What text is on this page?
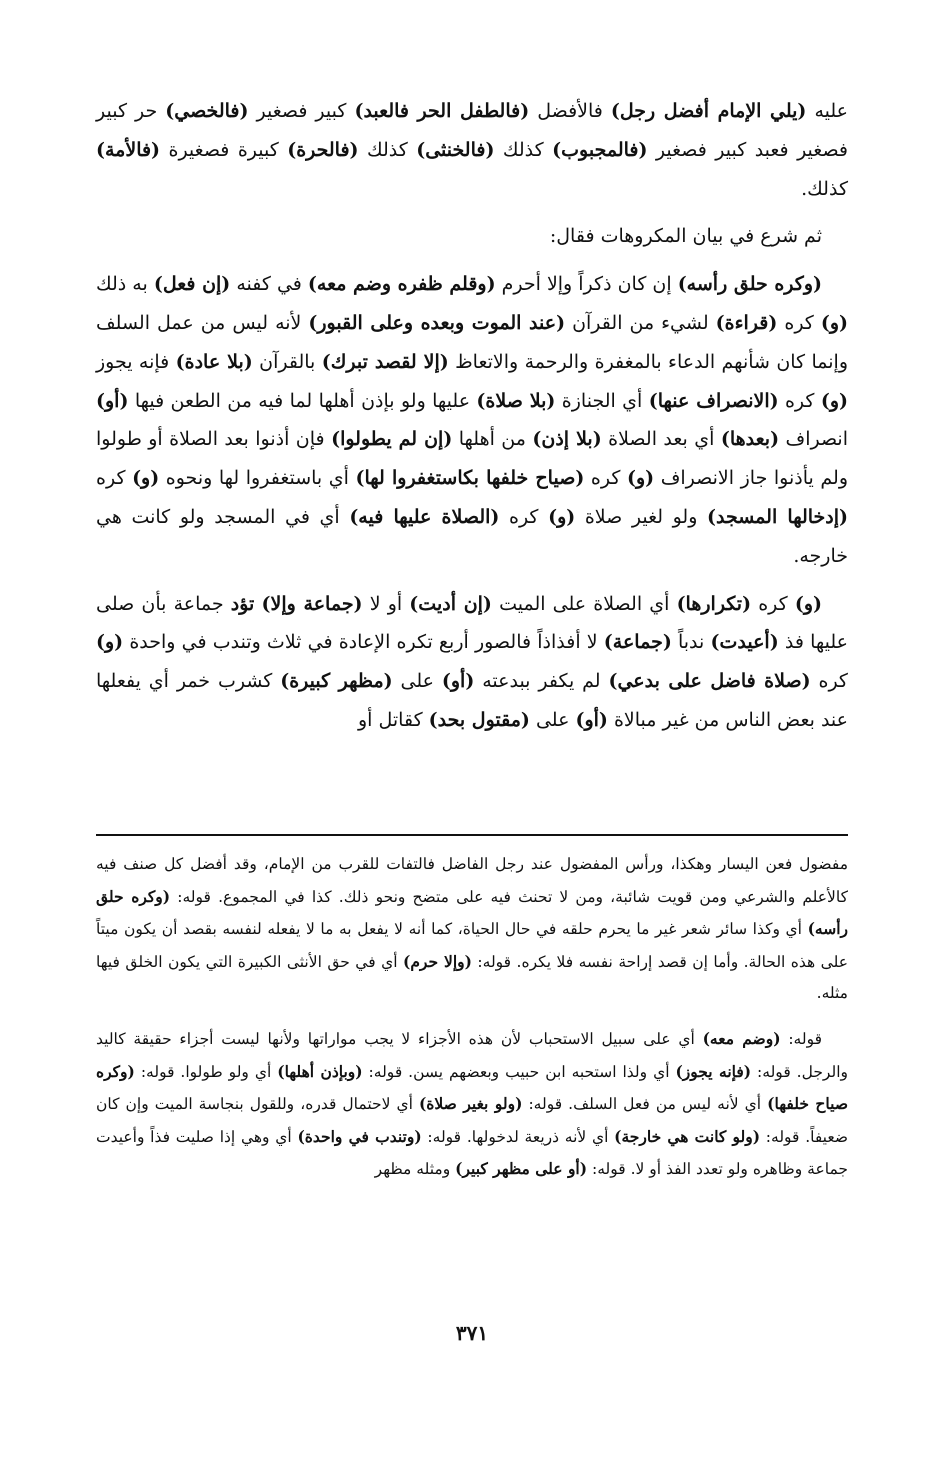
عليه (يلي الإمام أفضل رجل) فالأفضل (فالطفل الحر فالعبد) كبير فصغير (فالخصي) حر كبير فصغير فعبد كبير فصغير (فالمجبوب) كذلك (فالخنثى) كذلك (فالحرة) كبيرة فصغيرة (فالأمة) كذلك.

ثم شرع في بيان المكروهات فقال:

(وكره حلق رأسه) إن كان ذكراً وإلا أحرم (وقلم ظفره وضم معه) في كفنه (إن فعل) به ذلك (و) كره (قراءة) لشيء من القرآن (عند الموت وبعده وعلى القبور) لأنه ليس من عمل السلف وإنما كان شأنهم الدعاء بالمغفرة والرحمة والاتعاظ (إلا لقصد تبرك) بالقرآن (بلا عادة) فإنه يجوز (و) كره (الانصراف عنها) أي الجنازة (بلا صلاة) عليها ولو بإذن أهلها لما فيه من الطعن فيها (أو) انصراف (بعدها) أي بعد الصلاة (بلا إذن) من أهلها (إن لم يطولوا) فإن أذنوا بعد الصلاة أو طولوا ولم يأذنوا جاز الانصراف (و) كره (صياح خلفها بكاستغفروا لها) أي باستغفروا لها ونحوه (و) كره (إدخالها المسجد) ولو لغير صلاة (و) كره (الصلاة عليها فيه) أي في المسجد ولو كانت هي خارجه.

(و) كره (تكرارها) أي الصلاة على الميت (إن أديت) أو لا (جماعة وإلا) تؤد جماعة بأن صلى عليها فذ (أعيدت) ندباً (جماعة) لا أفذاذاً فالصور أربع تكره الإعادة في ثلاث وتندب في واحدة (و) كره (صلاة فاضل على بدعي) لم يكفر ببدعته (أو) على (مظهر كبيرة) كشرب خمر أي يفعلها عند بعض الناس من غير مبالاة (أو) على (مقتول بحد) كقاتل أو

مفضول فعن اليسار وهكذا، ورأس المفضول عند رجل الفاضل فالتفات للقرب من الإمام، وقد أفضل كل صنف فيه كالأعلم والشرعي ومن قويت شائبة، ومن لا تحنث فيه على متضح ونحو ذلك. كذا في المجموع. قوله: (وكره حلق رأسه) أي وكذا سائر شعر غير ما يحرم حلقه في حال الحياة، كما أنه لا يفعل به ما لا يفعله لنفسه بقصد أن يكون ميتاً على هذه الحالة. وأما إن قصد إراحة نفسه فلا يكره. قوله: (وإلا حرم) أي في حق الأنثى الكبيرة التي يكون الخلق فيها مثله.

قوله: (وضم معه) أي على سبيل الاستحباب لأن هذه الأجزاء لا يجب مواراتها ولأنها ليست أجزاء حقيقة كاليد والرجل. قوله: (فإنه يجوز) أي ولذا استحبه ابن حبيب وبعضهم يسن. قوله: (وبإذن أهلها) أي ولو طولوا. قوله: (وكره صياح خلفها) أي لأنه ليس من فعل السلف. قوله: (ولو بغير صلاة) أي لاحتمال قدره، وللقول بنجاسة الميت وإن كان ضعيفاً. قوله: (ولو كانت هي خارجة) أي لأنه ذريعة لدخولها. قوله: (وتندب في واحدة) أي وهي إذا صليت فذاً وأعيدت جماعة وظاهره ولو تعدد الفذ أو لا. قوله: (أو على مظهر كبير) ومثله مظهر

٣٧١
